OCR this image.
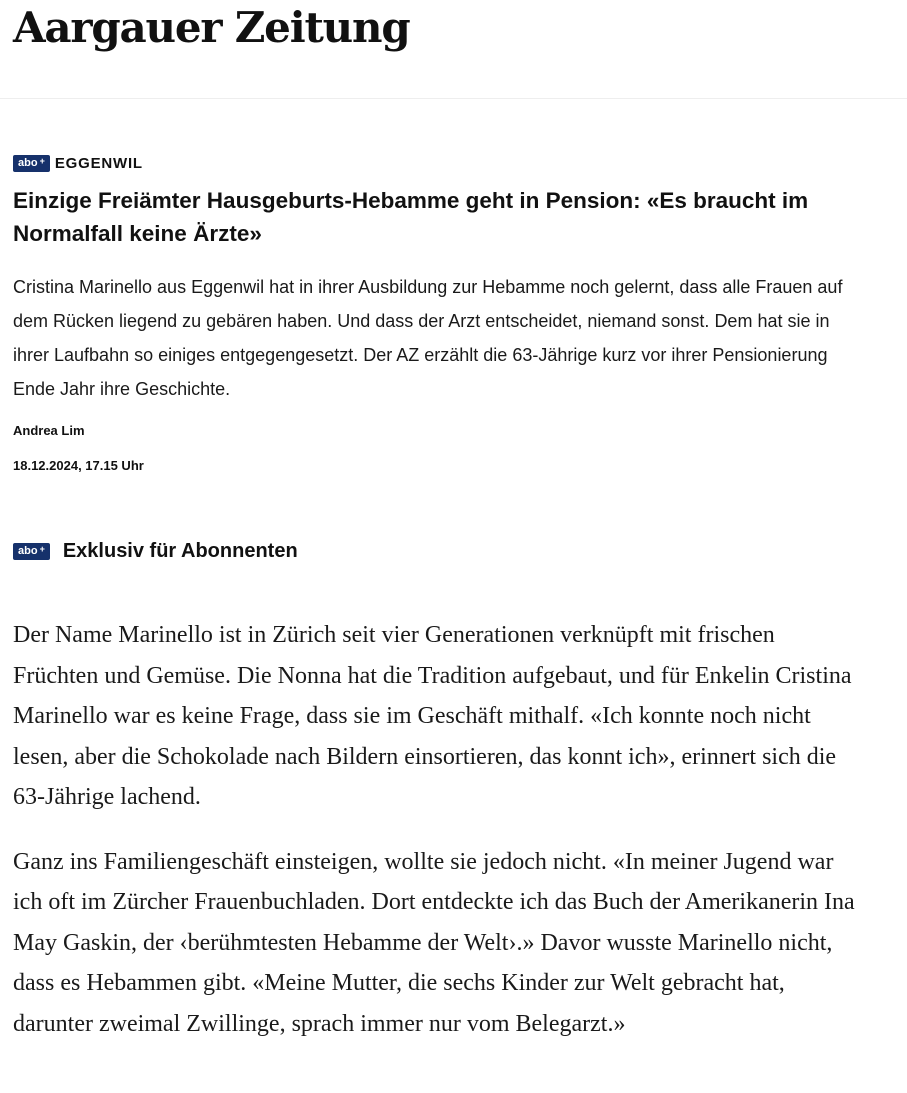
Aargauer Zeitung
abo + EGGENWIL
Einzige Freiämter Hausgeburts-Hebamme geht in Pension: «Es braucht im Normalfall keine Ärzte»

Cristina Marinello aus Eggenwil hat in ihrer Ausbildung zur Hebamme noch gelernt, dass alle Frauen auf dem Rücken liegend zu gebären haben. Und dass der Arzt entscheidet, niemand sonst. Dem hat sie in ihrer Laufbahn so einiges entgegengesetzt. Der AZ erzählt die 63-Jährige kurz vor ihrer Pensionierung Ende Jahr ihre Geschichte.

Andrea Lim
18.12.2024, 17.15 Uhr
abo + Exklusiv für Abonnenten

Der Name Marinello ist in Zürich seit vier Generationen verknüpft mit frischen Früchten und Gemüse. Die Nonna hat die Tradition aufgebaut, und für Enkelin Cristina Marinello war es keine Frage, dass sie im Geschäft mithalf. «Ich konnte noch nicht lesen, aber die Schokolade nach Bildern einsortieren, das konnt ich», erinnert sich die 63-Jährige lachend.

Ganz ins Familiengeschäft einsteigen, wollte sie jedoch nicht. «In meiner Jugend war ich oft im Zürcher Frauenbuchladen. Dort entdeckte ich das Buch der Amerikanerin Ina May Gaskin, der ‹berühmtesten Hebamme der Welt›.» Davor wusste Marinello nicht, dass es Hebammen gibt. «Meine Mutter, die sechs Kinder zur Welt gebracht hat, darunter zweimal Zwillinge, sprach immer nur vom Belegarzt.»
